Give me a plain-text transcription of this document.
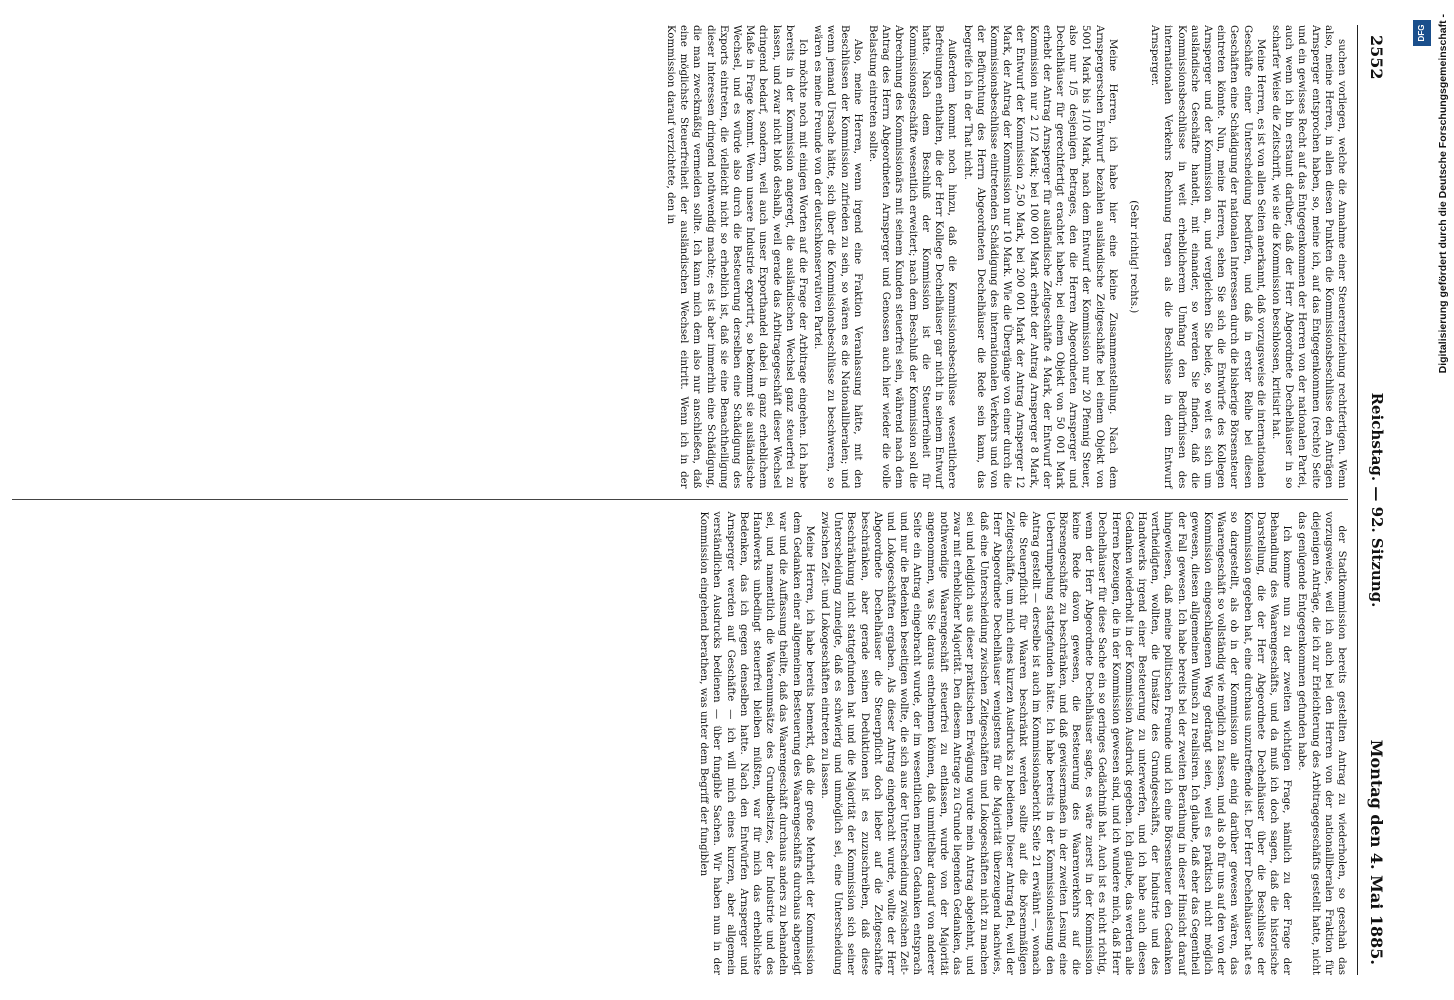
2552
Reichstag. — 92. Sitzung.
Montag den 4. Mai 1885.

suchen vorliegen, welche die Annahme einer Steuerentziehung rechtfertigen. Wenn also, meine Herren, in allen diesen Punkten die Kommissionsbeschlüsse den Anträgen Arnsperger entsprochen haben, so, meine ich, auf das Entgegenkommen (rechte) Seite und ein gewisses Recht auf das Entgegenkommen der Herren von der nationalen Partei, auch wenn ich bin erstaunt darüber, daß der Herr Abgeordnete Dechelhäuser in so scharfer Weise die Zeitschrift, wie sie die Kommission beschlossen, kritisirt hat.

Meine Herren, es ist von allen Seiten anerkannt, daß vorzugsweise die internationalen Geschäfte einer Unterscheidung bedürfen, und daß in erster Reihe bei diesen Geschäften eine Schädigung der nationalen Interessen durch die bisherige Börsensteuer eintreten könnte. Nun, meine Herren, sehen Sie sich die Entwürfe des Kollegen Arnsperger und der Kommission an, und vergleichen Sie beide, so weit es sich um ausländische Geschäfte handelt, mit einander, so werden Sie finden, daß die Kommissionsbeschlüsse in weit erheblicherem Umfang den Bedürfnissen des internationalen Verkehrs Rechnung tragen als die Beschlüsse in dem Entwurf Arnsperger.

(Sehr richtig! rechts.)

Meine Herren, ich habe hier eine kleine Zusammenstellung. Nach dem Arnspergerschen Entwurf bezahlen ausländische Zeitgeschäfte bei einem Objekt von 5001 Mark bis 1/10 Mark, nach dem Entwurf der Kommission nur 20 Pfennig Steuer, also nur 1/5 desjenigen Betrages, den die Herren Abgeordneten Arnsperger und Dechelhäuser für gerechtfertigt erachtet haben; bei einem Objekt von 50 001 Mark erhebt der Antrag Arnsperger für ausländische Zeitgeschäfte 4 Mark, der Entwurf der Kommission nur 2 1/2 Mark; bei 100 001 Mark erhebt der Antrag Arnsperger 8 Mark, der Entwurf der Kommission 2,50 Mark, bei 200 001 Mark der Antrag Arnsperger 12 Mark, der Antrag der Kommission nur 10 Mark. Wie die Übergänge von einer durch die Kommissionsbeschlüsse eintretenden Schädigung des internationalen Verkehrs und von der Befürchtung des Herrn Abgeordneten Dechelhäuser die Rede sein kann, das begreife ich in der That nicht.

Außerdem kommt noch hinzu, daß die Kommissionsbeschlüsse wesentlichere Befreiungen enthalten, die der Herr Kollege Dechelhäuser gar nicht in seinem Entwurf hatte. Nach dem Beschluß der Kommission ist die Steuerfreiheit für Kommissionsgeschäfte wesentlich erweitert; nach dem Beschluß der Kommission soll die Abrechnung des Kommissionärs mit seinem Kunden steuerfrei sein, während nach dem Antrag des Herrn Abgeordneten Arnsperger und Genossen auch hier wieder die volle Belastung eintreten sollte.

Also, meine Herren, wenn irgend eine Fraktion Veranlassung hätte, mit den Beschlüssen der Kommission zufrieden zu sein, so wären es die Nationalliberalen; und wenn jemand Ursache hätte, sich über die Kommissionsbeschlüsse zu beschweren, so wären es meine Freunde von der deutschkonservativen Partei.

Ich möchte noch mit einigen Worten auf die Frage der Arbitrage eingehen. Ich habe bereits in der Kommission angeregt, die ausländischen Wechsel ganz steuerfrei zu lassen, und zwar nicht bloß deshalb, weil gerade das Arbitragegeschäft dieser Wechsel dringend bedarf, sondern, weil auch unser Exporthandel dabei in ganz erheblichem Maße in Frage kommt. Wenn unsere Industrie exportirt, so bekommt sie ausländische Wechsel, und es würde also durch die Besteuerung derselben eine Schädigung des Exports eintreten, die vielleicht nicht so erheblich ist, daß sie eine Benachtheiligung dieser Interessen dringend nothwendig machte; es ist aber immerhin eine Schädigung, die man zweckmäßig vermeiden sollte. Ich kann mich dem also nur anschließen, daß eine möglichste Steuerfreiheit der ausländischen Wechsel eintritt. Wenn ich in der Kommission darauf verzichtete, den in

der Stadtkommission bereits gestellten Antrag zu wiederholen, so geschah das vorzugsweise, weil ich auch bei den Herren von der nationalliberalen Fraktion für diejenigen Anträge, die ich zur Erleichterung des Arbitragegeschäfts gestellt hatte, nicht das genügende Entgegenkommen gefunden habe.

Ich komme nun zu der zweiten wichtigen Frage, nämlich zu der Frage der Behandlung des Waarengeschäfts, und da muß ich doch sagen, daß die historische Darstellung, die der Herr Abgeordnete Dechelhäuser über die Beschlüsse der Kommission gegeben hat, eine durchaus unzutreffende ist. Der Herr Dechelhäuser hat es so dargestellt, als ob in der Kommission alle einig darüber gewesen wären, das Waarengeschäft so vollständig wie möglich zu fassen, und als ob für uns auf den von der Kommission eingeschlagenen Weg gedrängt seien, weil es praktisch nicht möglich gewesen, diesen allgemeinen Wunsch zu realisiren. Ich glaube, daß eher das Gegentheil der Fall gewesen. Ich habe bereits bei der zweiten Berathung in dieser Hinsicht darauf hingewiesen, daß meine politischen Freunde und ich eine Börsensteuer den Gedanken vertheidigten, wollten, die Umsätze des Grundgeschäfts, der Industrie und des Handwerks irgend einer Besteuerung zu unterwerfen, und ich habe auch diesen Gedanken wiederholt in der Kommission Ausdruck gegeben. Ich glaube, das werden alle Herren bezeugen, die in der Kommission gewesen sind, und ich wundere mich, daß Herr Dechelhäuser für diese Sache ein so geringes Gedächtniß hat. Auch ist es nicht richtig, wenn der Herr Abgeordnete Dechelhäuser sagte, es wäre zuerst in der Kommission keine Rede davon gewesen, die Besteuerung des Waarenverkehrs auf die Börsengeschäfte zu beschränken, und daß gewissermaßen in der zweiten Lesung eine Ueberrumpelung stattgefunden hätte. Ich habe bereits in der Kommissionslesung den Antrag gestellt — derselbe ist auch im Kommissionsbericht Seite 21 erwähnt —, wonach die Steuerpflicht für Waaren beschränkt werden sollte auf die börsenmäßigen Zeitgeschäfte, um mich eines kurzen Ausdrucks zu bedienen. Dieser Antrag fiel, weil der Herr Abgeordnete Dechelhäuser wenigstens für die Majorität überzeugend nachwies, daß eine Unterscheidung zwischen Zeitgeschäften und Lokogeschäften nicht zu machen sei und lediglich aus dieser praktischen Erwägung wurde mein Antrag abgelehnt, und zwar mit erheblicher Majorität. Den diesem Antrage zu Grunde liegenden Gedanken, das nothwendige Waarengeschäft steuerfrei zu entlassen, wurde von der Majorität angenommen, was Sie daraus entnehmen können, daß unmittelbar darauf von anderer Seite ein Antrag eingebracht wurde, der im wesentlichen meinen Gedanken entsprach und nur die Bedenken beseitigen wollte, die sich aus der Unterscheidung zwischen Zeit- und Lokogeschäften ergaben. Als dieser Antrag eingebracht wurde, wollte der Herr Abgeordnete Dechelhäuser die Steuerpflicht doch lieber auf die Zeitgeschäfte beschränken, aber gerade seinen Deduktionen ist es zuzuschreiben, daß diese Beschränkung nicht stattgefunden hat und die Majorität der Kommission sich seiner Unterscheidung zuneigte, daß es schwierig und unmöglich sei, eine Unterscheidung zwischen Zeit- und Lokogeschäften eintreten zu lassen.

Meine Herren, ich habe bereits bemerkt, daß die große Mehrheit der Kommission dem Gedanken einer allgemeinen Besteuerung des Waarengeschäfts durchaus abgeneigt war und die Auffassung theilte, daß das Waarengeschäft durchaus anders zu behandeln sei, und namentlich die Waarenumsätze des Grundbesitzes, der Industrie und des Handwerks unbedingt steuerfrei bleiben müßten, war für mich das erheblichste Bedenken, das ich gegen denselben hatte. Nach den Entwürfen Arnsperger und Arnsperger werden auf Geschäfte — ich will mich eines kurzen, aber allgemein verständlichen Ausdrucks bedienen — über fungible Sachen. Wir haben nun in der Kommission eingehend berathen, was unter dem Begriff der fungiblen

Digitalisierung gefördert durch die Deutsche Forschungsgemeinschaft -
DFG
